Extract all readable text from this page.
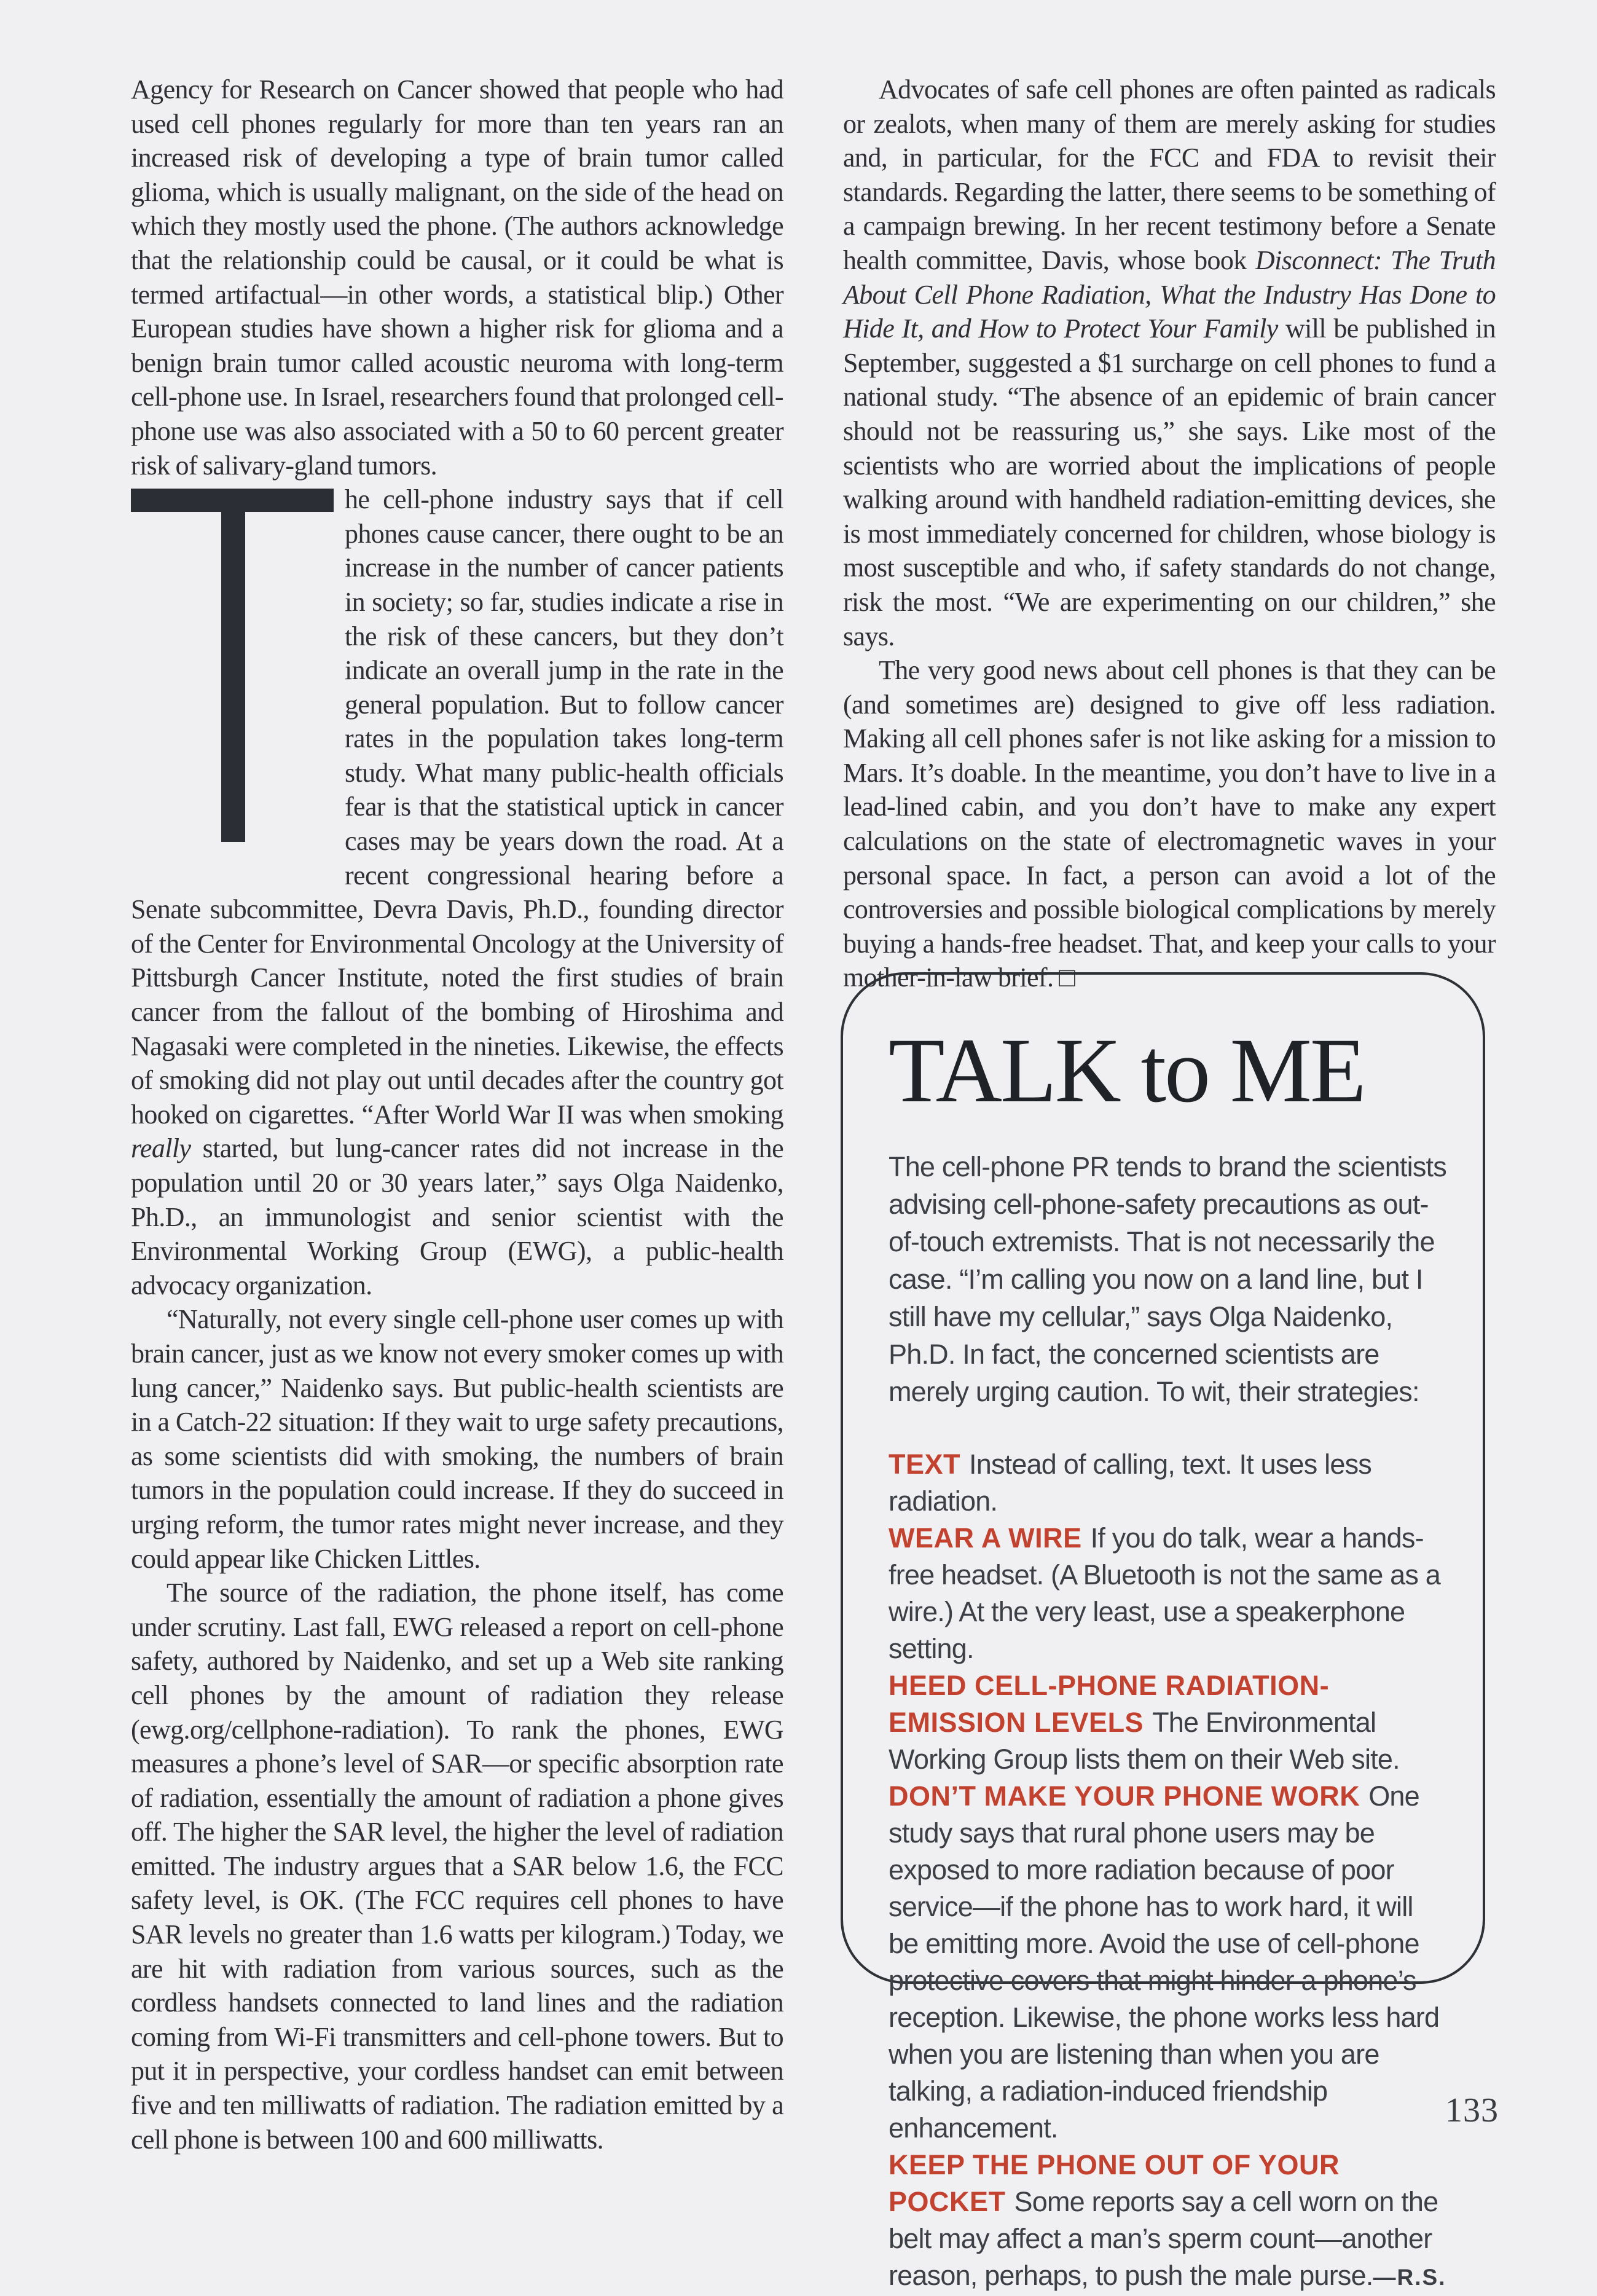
Agency for Research on Cancer showed that people who had used cell phones regularly for more than ten years ran an increased risk of developing a type of brain tumor called glioma, which is usually malignant, on the side of the head on which they mostly used the phone. (The authors acknowledge that the relationship could be causal, or it could be what is termed artifactual—in other words, a statistical blip.) Other European studies have shown a higher risk for glioma and a benign brain tumor called acoustic neuroma with long-term cell-phone use. In Israel, researchers found that prolonged cell-phone use was also associated with a 50 to 60 percent greater risk of salivary-gland tumors.

he cell-phone industry says that if cell phones cause cancer, there ought to be an increase in the number of cancer patients in society; so far, studies indicate a rise in the risk of these cancers, but they don’t indicate an overall jump in the rate in the general population. But to follow cancer rates in the population takes long-term study. What many public-health officials fear is that the statistical uptick in cancer cases may be years down the road. At a recent congressional hearing before a Senate subcommittee, Devra Davis, Ph.D., founding director of the Center for Environmental Oncology at the University of Pittsburgh Cancer Institute, noted the first studies of brain cancer from the fallout of the bombing of Hiroshima and Nagasaki were completed in the nineties. Likewise, the effects of smoking did not play out until decades after the country got hooked on cigarettes. “After World War II was when smoking really started, but lung-cancer rates did not increase in the population until 20 or 30 years later,” says Olga Naidenko, Ph.D., an immunologist and senior scientist with the Environmental Working Group (EWG), a public-health advocacy organization.

“Naturally, not every single cell-phone user comes up with brain cancer, just as we know not every smoker comes up with lung cancer,” Naidenko says. But public-health scientists are in a Catch-22 situation: If they wait to urge safety precautions, as some scientists did with smoking, the numbers of brain tumors in the population could increase. If they do succeed in urging reform, the tumor rates might never increase, and they could appear like Chicken Littles.

The source of the radiation, the phone itself, has come under scrutiny. Last fall, EWG released a report on cell-phone safety, authored by Naidenko, and set up a Web site ranking cell phones by the amount of radiation they release (ewg.org/cellphone-radiation). To rank the phones, EWG measures a phone’s level of SAR—or specific absorption rate of radiation, essentially the amount of radiation a phone gives off. The higher the SAR level, the higher the level of radiation emitted. The industry argues that a SAR below 1.6, the FCC safety level, is OK. (The FCC requires cell phones to have SAR levels no greater than 1.6 watts per kilogram.) Today, we are hit with radiation from various sources, such as the cordless handsets connected to land lines and the radiation coming from Wi-Fi transmitters and cell-phone towers. But to put it in perspective, your cordless handset can emit between five and ten milliwatts of radiation. The radiation emitted by a cell phone is between 100 and 600 milliwatts.

Advocates of safe cell phones are often painted as radicals or zealots, when many of them are merely asking for studies and, in particular, for the FCC and FDA to revisit their standards. Regarding the latter, there seems to be something of a campaign brewing. In her recent testimony before a Senate health committee, Davis, whose book Disconnect: The Truth About Cell Phone Radiation, What the Industry Has Done to Hide It, and How to Protect Your Family will be published in September, suggested a $1 surcharge on cell phones to fund a national study. “The absence of an epidemic of brain cancer should not be reassuring us,” she says. Like most of the scientists who are worried about the implications of people walking around with handheld radiation-emitting devices, she is most immediately concerned for children, whose biology is most susceptible and who, if safety standards do not change, risk the most. “We are experimenting on our children,” she says.

The very good news about cell phones is that they can be (and sometimes are) designed to give off less radiation. Making all cell phones safer is not like asking for a mission to Mars. It’s doable. In the meantime, you don’t have to live in a lead-lined cabin, and you don’t have to make any expert calculations on the state of electromagnetic waves in your personal space. In fact, a person can avoid a lot of the controversies and possible biological complications by merely buying a hands-free headset. That, and keep your calls to your mother-in-law brief. □

TALK to ME
The cell-phone PR tends to brand the scientists advising cell-phone-safety precautions as out-of-touch extremists. That is not necessarily the case. “I’m calling you now on a land line, but I still have my cellular,” says Olga Naidenko, Ph.D. In fact, the concerned scientists are merely urging caution. To wit, their strategies:

TEXT Instead of calling, text. It uses less radiation.

WEAR A WIRE If you do talk, wear a hands-free headset. (A Bluetooth is not the same as a wire.) At the very least, use a speakerphone setting.

HEED CELL-PHONE RADIATION-EMISSION LEVELS The Environmental Working Group lists them on their Web site.

DON’T MAKE YOUR PHONE WORK One study says that rural phone users may be exposed to more radiation because of poor service—if the phone has to work hard, it will be emitting more. Avoid the use of cell-phone protective covers that might hinder a phone’s reception. Likewise, the phone works less hard when you are listening than when you are talking, a radiation-induced friendship enhancement.

KEEP THE PHONE OUT OF YOUR POCKET Some reports say a cell worn on the belt may affect a man’s sperm count—another reason, perhaps, to push the male purse.—R.S.

133
